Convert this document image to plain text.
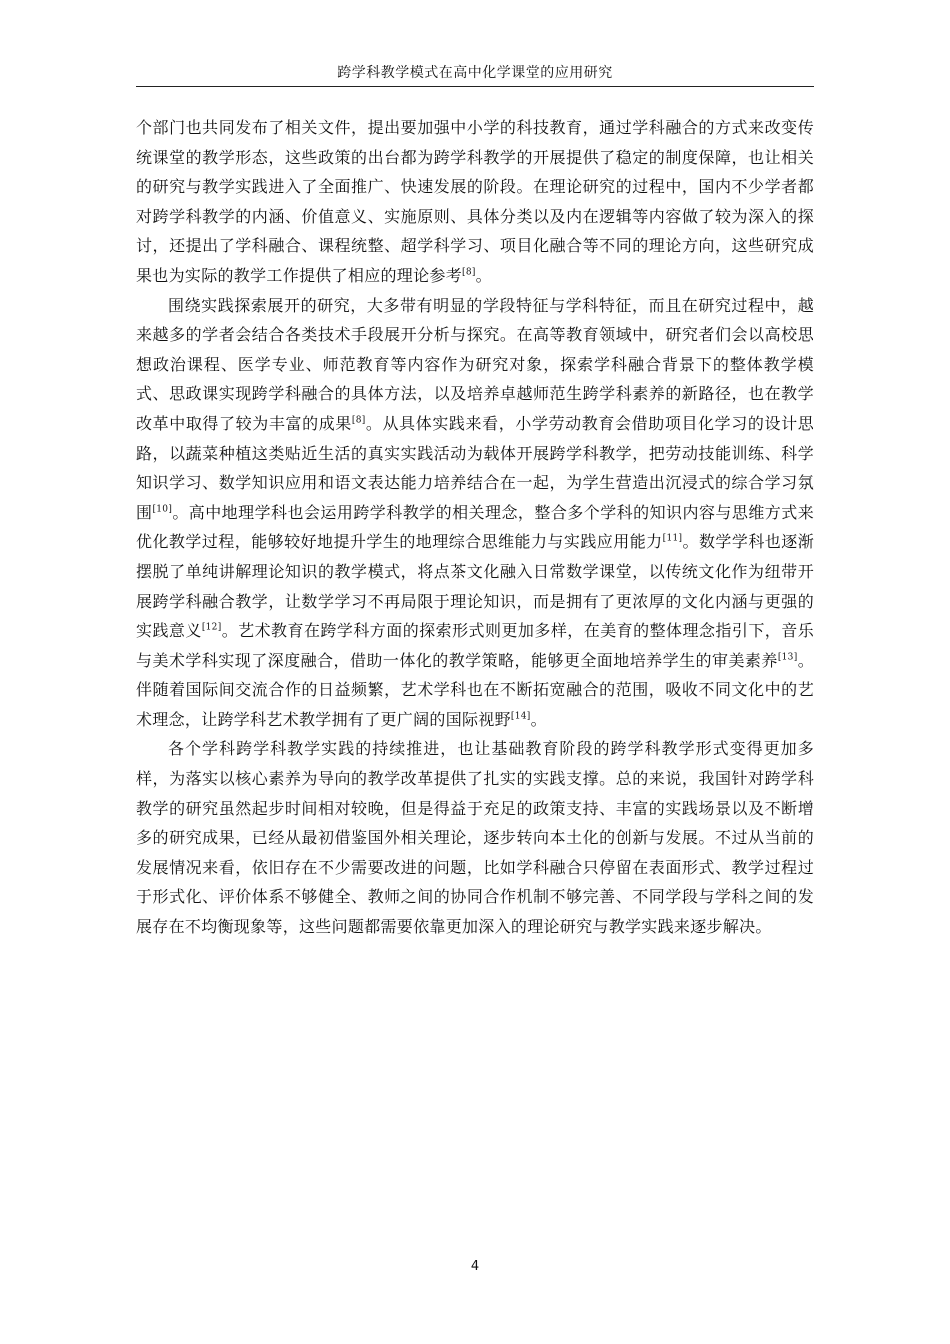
跨学科教学模式在高中化学课堂的应用研究

个部门也共同发布了相关文件，提出要加强中小学的科技教育，通过学科融合的方式来改变传统课堂的教学形态，这些政策的出台都为跨学科教学的开展提供了稳定的制度保障，也让相关的研究与教学实践进入了全面推广、快速发展的阶段。在理论研究的过程中，国内不少学者都对跨学科教学的内涵、价值意义、实施原则、具体分类以及内在逻辑等内容做了较为深入的探讨，还提出了学科融合、课程统整、超学科学习、项目化融合等不同的理论方向，这些研究成果也为实际的教学工作提供了相应的理论参考[8]。

围绕实践探索展开的研究，大多带有明显的学段特征与学科特征，而且在研究过程中，越来越多的学者会结合各类技术手段展开分析与探究。在高等教育领域中，研究者们会以高校思想政治课程、医学专业、师范教育等内容作为研究对象，探索学科融合背景下的整体教学模式、思政课实现跨学科融合的具体方法，以及培养卓越师范生跨学科素养的新路径，也在教学改革中取得了较为丰富的成果[8]。从具体实践来看，小学劳动教育会借助项目化学习的设计思路，以蔬菜种植这类贴近生活的真实实践活动为载体开展跨学科教学，把劳动技能训练、科学知识学习、数学知识应用和语文表达能力培养结合在一起，为学生营造出沉浸式的综合学习氛围[10]。高中地理学科也会运用跨学科教学的相关理念，整合多个学科的知识内容与思维方式来优化教学过程，能够较好地提升学生的地理综合思维能力与实践应用能力[11]。数学学科也逐渐摆脱了单纯讲解理论知识的教学模式，将点茶文化融入日常数学课堂，以传统文化作为纽带开展跨学科融合教学，让数学学习不再局限于理论知识，而是拥有了更浓厚的文化内涵与更强的实践意义[12]。艺术教育在跨学科方面的探索形式则更加多样，在美育的整体理念指引下，音乐与美术学科实现了深度融合，借助一体化的教学策略，能够更全面地培养学生的审美素养[13]。伴随着国际间交流合作的日益频繁，艺术学科也在不断拓宽融合的范围，吸收不同文化中的艺术理念，让跨学科艺术教学拥有了更广阔的国际视野[14]。

各个学科跨学科教学实践的持续推进，也让基础教育阶段的跨学科教学形式变得更加多样，为落实以核心素养为导向的教学改革提供了扎实的实践支撑。总的来说，我国针对跨学科教学的研究虽然起步时间相对较晚，但是得益于充足的政策支持、丰富的实践场景以及不断增多的研究成果，已经从最初借鉴国外相关理论，逐步转向本土化的创新与发展。不过从当前的发展情况来看，依旧存在不少需要改进的问题，比如学科融合只停留在表面形式、教学过程过于形式化、评价体系不够健全、教师之间的协同合作机制不够完善、不同学段与学科之间的发展存在不均衡现象等，这些问题都需要依靠更加深入的理论研究与教学实践来逐步解决。

4
